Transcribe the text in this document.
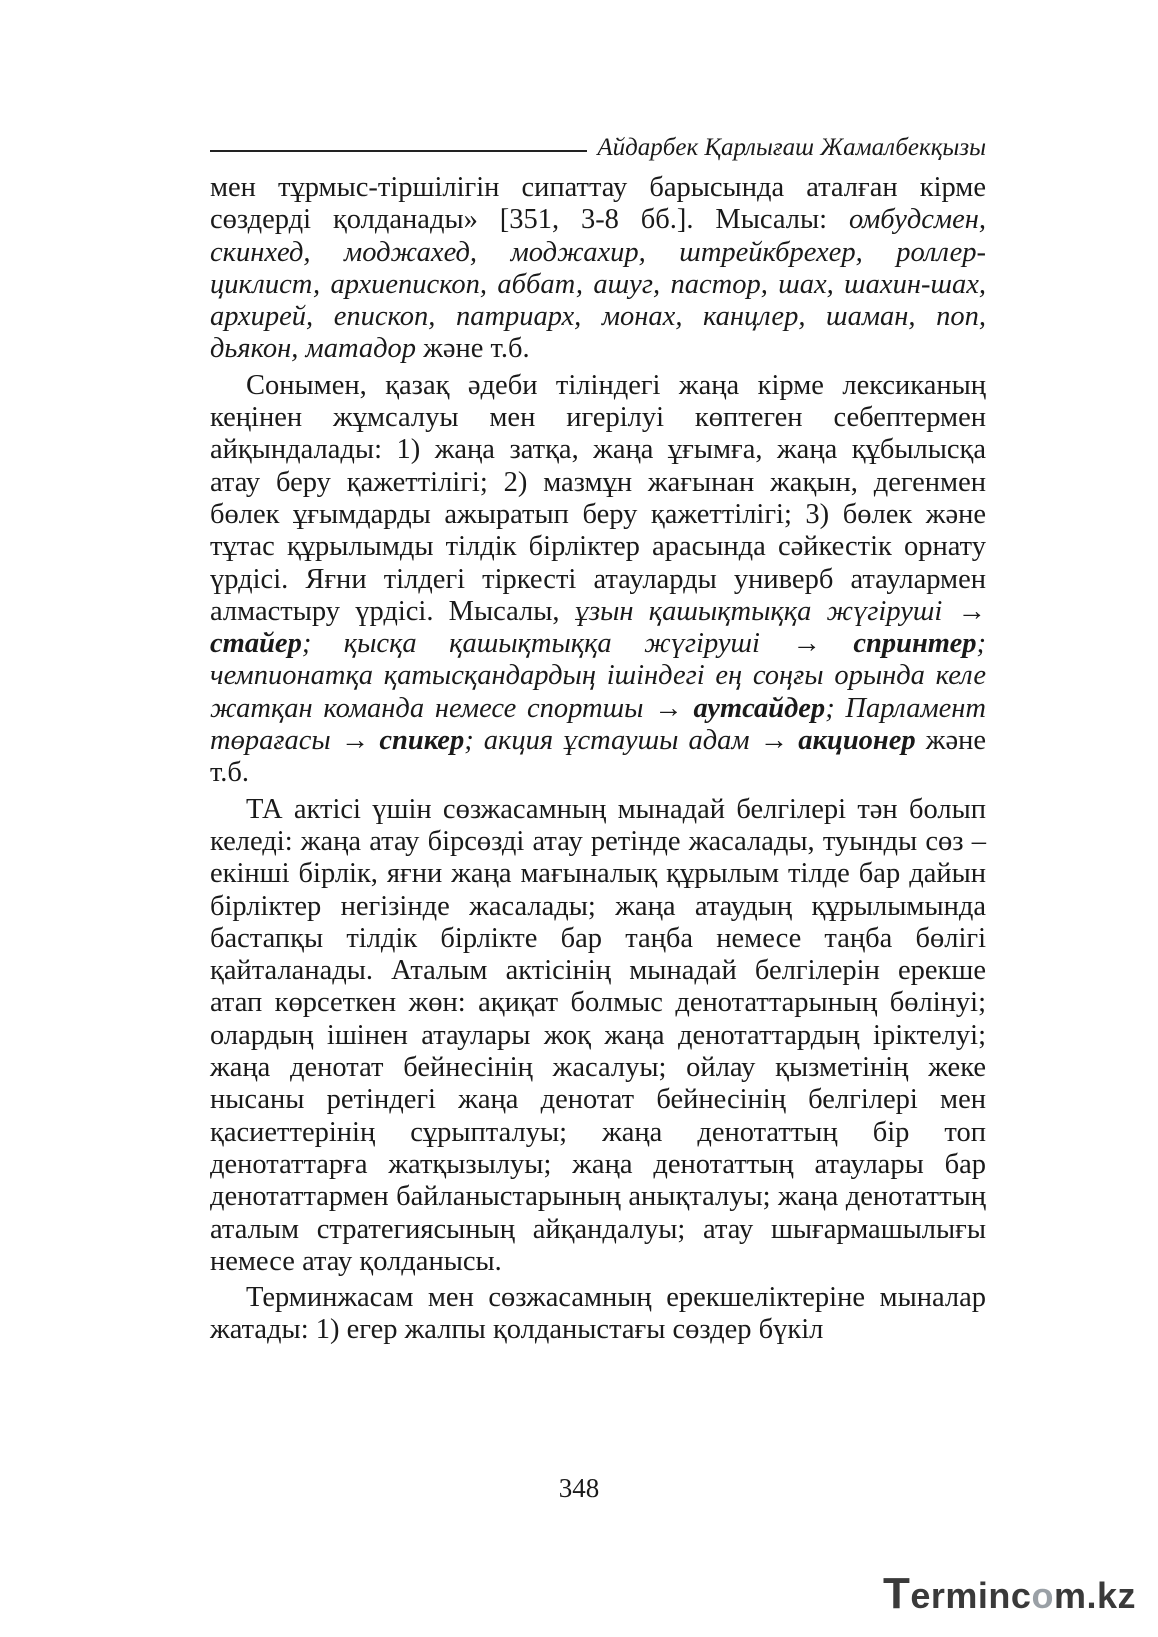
Айдарбек Қарлығаш Жамалбекқызы

мен тұрмыс-тіршілігін сипаттау барысында аталған кірме сөздерді қолданады» [351, 3-8 бб.]. Мысалы: омбудсмен, скинхед, моджахед, моджахир, штрейкбрехер, роллер-циклист, архиепископ, аббат, ашуг, пастор, шах, шахин-шах, архирей, епископ, патриарх, монах, канцлер, шаман, поп, дьякон, матадор және т.б.

Сонымен, қазақ әдеби тіліндегі жаңа кірме лексиканың кеңінен жұмсалуы мен игерілуі көптеген себептермен айқындалады: 1) жаңа затқа, жаңа ұғымға, жаңа құбылысқа атау беру қажеттілігі; 2) мазмұн жағынан жақын, дегенмен бөлек ұғымдарды ажыратып беру қажеттілігі; 3) бөлек және тұтас құрылымды тілдік бірліктер арасында сәйкестік орнату үрдісі. Яғни тілдегі тіркесті атауларды универб атаулармен алмастыру үрдісі. Мысалы, ұзын қашықтыққа жүгіруші → стайер; қысқа қашықтыққа жүгіруші → спринтер; чемпионатқа қатысқандардың ішіндегі ең соңғы орында келе жатқан команда немесе спортшы → аутсайдер; Парламент төрағасы → спикер; акция ұстаушы адам → акционер және т.б.

ТА актісі үшін сөзжасамның мынадай белгілері тән болып келеді: жаңа атау бірсөзді атау ретінде жасалады, туынды сөз – екінші бірлік, яғни жаңа мағыналық құрылым тілде бар дайын бірліктер негізінде жасалады; жаңа атаудың құрылымында бастапқы тілдік бірлікте бар таңба немесе таңба бөлігі қайталанады. Аталым актісінің мынадай белгілерін ерекше атап көрсеткен жөн: ақиқат болмыс денотаттарының бөлінуі; олардың ішінен атаулары жоқ жаңа денотаттардың іріктелуі; жаңа денотат бейнесінің жасалуы; ойлау қызметінің жеке нысаны ретіндегі жаңа денотат бейнесінің белгілері мен қасиеттерінің сұрыпталуы; жаңа денотаттың бір топ денотаттарға жатқызылуы; жаңа денотаттың атаулары бар денотаттармен байланыстарының анықталуы; жаңа денотаттың аталым стратегиясының айқандалуы; атау шығармашылығы немесе атау қолданысы.

Терминжасам мен сөзжасамның ерекшеліктеріне мыналар жатады: 1) егер жалпы қолданыстағы сөздер бүкіл

348
Termincom.kz
